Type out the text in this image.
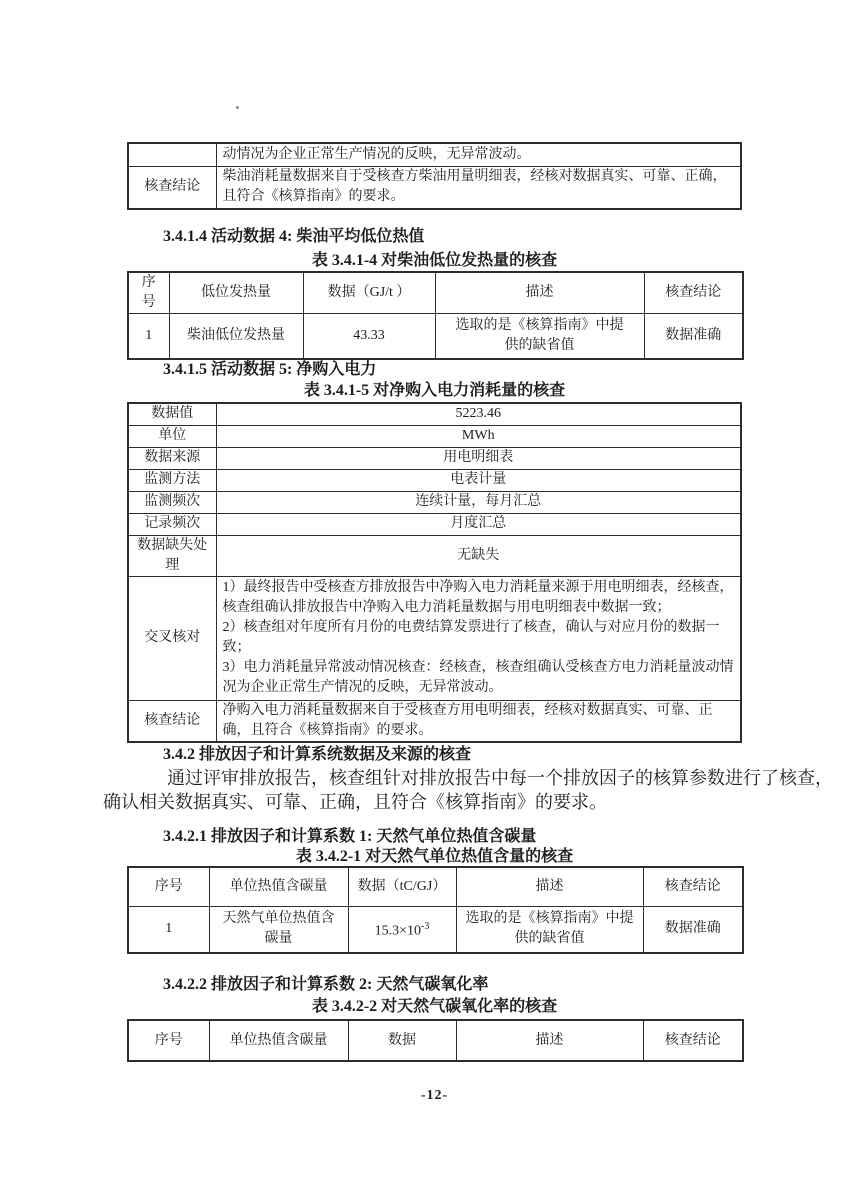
	动情况为企业正常生产情况的反映，无异常波动。
核查结论	柴油消耗量数据来自于受核查方柴油用量明细表，经核对数据真实、可靠、正确，且符合《核算指南》的要求。
3.4.1.4 活动数据 4: 柴油平均低位热值
表 3.4.1-4 对柴油低位发热量的核查
序号	低位发热量	数据（GJ/t ）	描述	核查结论
1	柴油低位发热量	43.33	选取的是《核算指南》中提供的缺省值	数据准确
3.4.1.5 活动数据 5: 净购入电力
表 3.4.1-5 对净购入电力消耗量的核查
数据值	5223.46
单位	MWh
数据来源	用电明细表
监测方法	电表计量
监测频次	连续计量，每月汇总
记录频次	月度汇总
数据缺失处理	无缺失
交叉核对	1）最终报告中受核查方排放报告中净购入电力消耗量来源于用电明细表，经核查，核查组确认排放报告中净购入电力消耗量数据与用电明细表中数据一致；
2）核查组对年度所有月份的电费结算发票进行了核查，确认与对应月份的数据一致；
3）电力消耗量异常波动情况核查：经核查，核查组确认受核查方电力消耗量波动情况为企业正常生产情况的反映，无异常波动。

核查结论	净购入电力消耗量数据来自于受核查方用电明细表，经核对数据真实、可靠、正确，且符合《核算指南》的要求。
3.4.2 排放因子和计算系统数据及来源的核查
通过评审排放报告，核查组针对排放报告中每一个排放因子的核算参数进行了核查，
确认相关数据真实、可靠、正确，且符合《核算指南》的要求。
3.4.2.1 排放因子和计算系数 1: 天然气单位热值含碳量
表 3.4.2-1 对天然气单位热值含量的核查
序号	单位热值含碳量	数据（tC/GJ）	描述	核查结论
1	天然气单位热值含碳量	$15.3\times 10^{-3}$	选取的是《核算指南》中提供的缺省值	数据准确
3.4.2.2 排放因子和计算系数 2: 天然气碳氧化率
表 3.4.2-2 对天然气碳氧化率的核查
序号	单位热值含碳量	数据	描述	核查结论
-12-
